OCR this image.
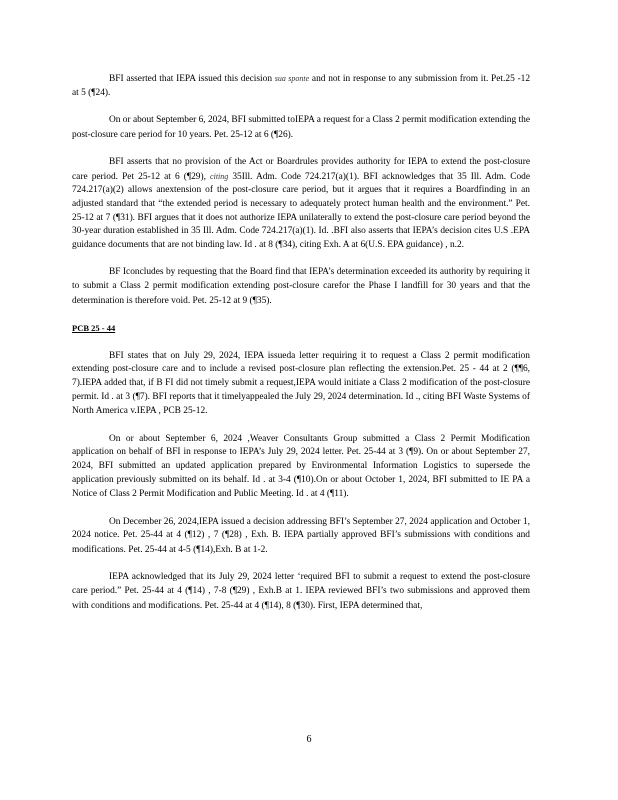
BFI asserted that IEPA issued this decision sua sponte and not in response to any submission from it. Pet.25 -12 at 5 (¶24).

On or about September 6, 2024, BFI submitted toIEPA a request for a Class 2 permit modification extending the post-closure care period for 10 years. Pet. 25-12 at 6 (¶26).

BFI asserts that no provision of the Act or Boardrules provides authority for IEPA to extend the post-closure care period. Pet 25-12 at 6 (¶29), citing 35Ill. Adm. Code 724.217(a)(1). BFI acknowledges that 35 Ill. Adm. Code 724.217(a)(2) allows anextension of the post-closure care period, but it argues that it requires a Boardfinding in an adjusted standard that “the extended period is necessary to adequately protect human health and the environment.” Pet. 25-12 at 7 (¶31). BFI argues that it does not authorize IEPA unilaterally to extend the post-closure care period beyond the 30-year duration established in 35 Ill. Adm. Code 724.217(a)(1). Id. .BFI also asserts that IEPA’s decision cites U.S .EPA guidance documents that are not binding law. Id . at 8 (¶34), citing Exh. A at 6(U.S. EPA guidance) , n.2.

BF Iconcludes by requesting that the Board find that IEPA’s determination exceeded its authority by requiring it to submit a Class 2 permit modification extending post-closure carefor the Phase I landfill for 30 years and that the determination is therefore void. Pet. 25-12 at 9 (¶35).

PCB 25 - 44

BFI states that on July 29, 2024, IEPA issueda letter requiring it to request a Class 2 permit modification extending post-closure care and to include a revised post-closure plan reflecting the extension.Pet. 25 - 44 at 2 (¶¶6, 7).IEPA added that, if B FI did not timely submit a request,IEPA would initiate a Class 2 modification of the post-closure permit. Id . at 3 (¶7). BFI reports that it timelyappealed the July 29, 2024 determination. Id ., citing BFI Waste Systems of North America v.IEPA , PCB 25-12.

On or about September 6, 2024 ,Weaver Consultants Group submitted a Class 2 Permit Modification application on behalf of BFI in response to IEPA’s July 29, 2024 letter. Pet. 25-44 at 3 (¶9). On or about September 27, 2024, BFI submitted an updated application prepared by Environmental Information Logistics to supersede the application previously submitted on its behalf. Id . at 3-4 (¶10).On or about October 1, 2024, BFI submitted to IE PA a Notice of Class 2 Permit Modification and Public Meeting. Id . at 4 (¶11).

On December 26, 2024,IEPA issued a decision addressing BFI’s September 27, 2024 application and October 1, 2024 notice. Pet. 25-44 at 4 (¶12) , 7 (¶28) , Exh. B. IEPA partially approved BFI’s submissions with conditions and modifications. Pet. 25-44 at 4-5 (¶14),Exh. B at 1-2.

IEPA acknowledged that its July 29, 2024 letter ‘required BFI to submit a request to extend the post-closure care period.” Pet. 25-44 at 4 (¶14) , 7-8 (¶29) , Exh.B at 1. IEPA reviewed BFI’s two submissions and approved them with conditions and modifications. Pet. 25-44 at 4 (¶14), 8 (¶30). First, IEPA determined that,

6
